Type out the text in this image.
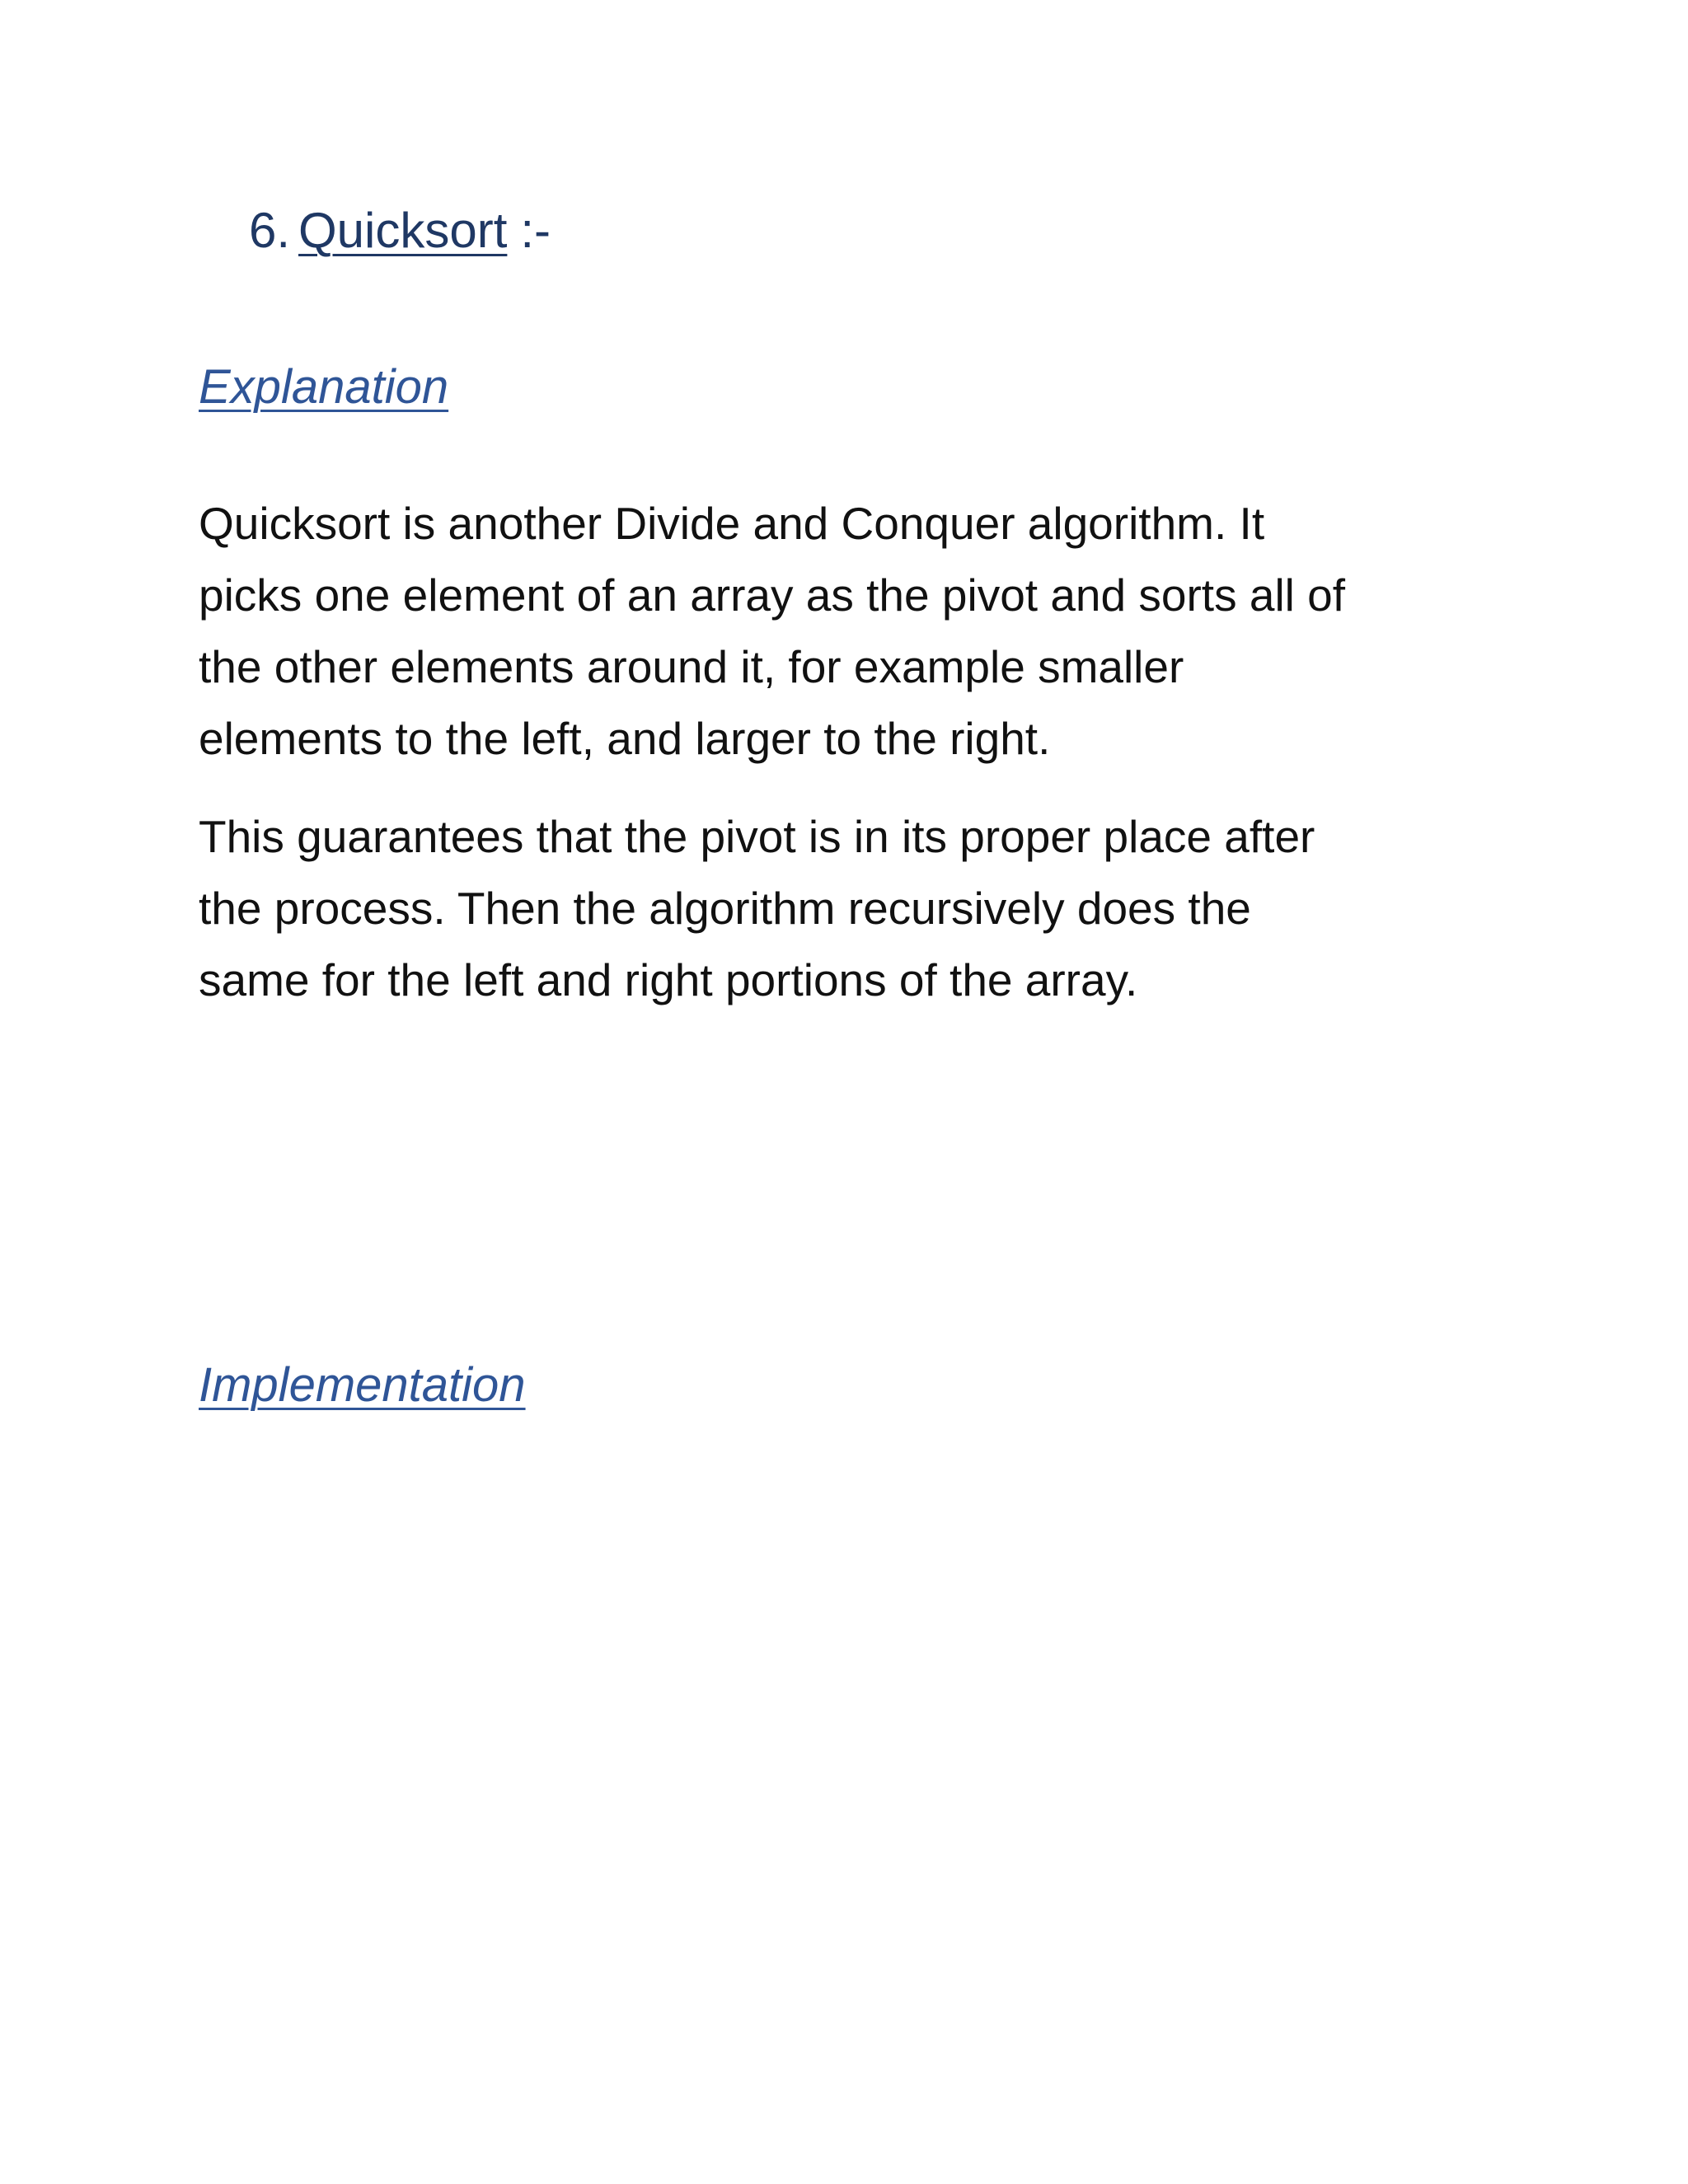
6. Quicksort :-
Explanation

Quicksort is another Divide and Conquer algorithm. It
picks one element of an array as the pivot and sorts all of
the other elements around it, for example smaller
elements to the left, and larger to the right.

This guarantees that the pivot is in its proper place after
the process. Then the algorithm recursively does the
same for the left and right portions of the array.

Implementation
